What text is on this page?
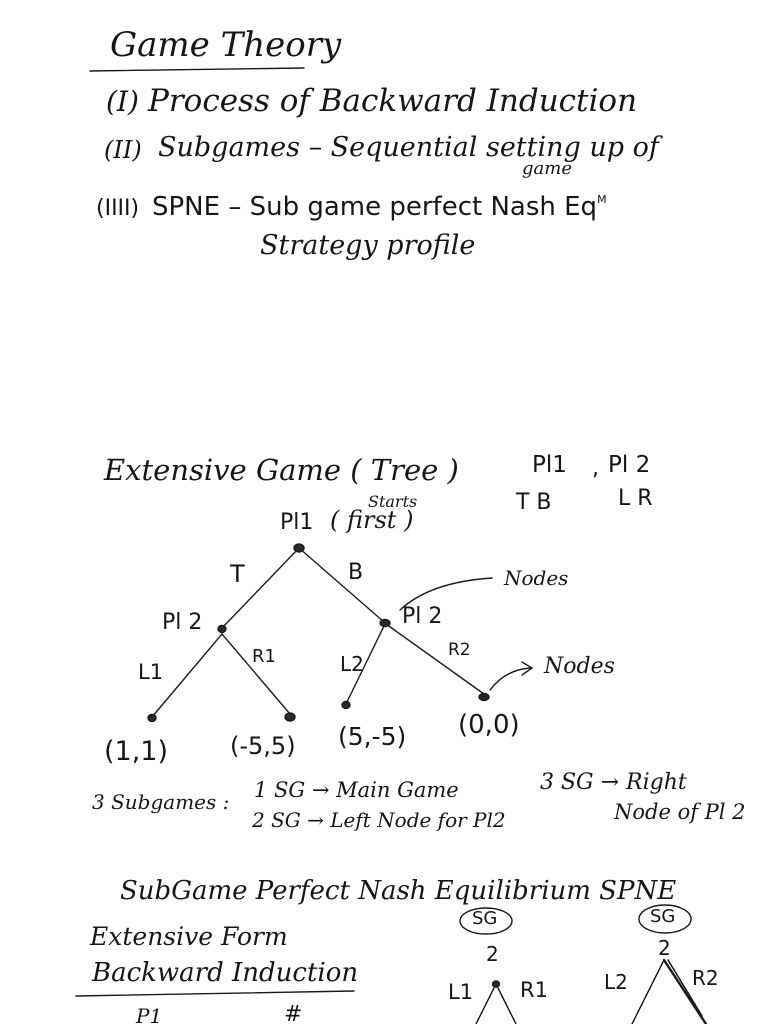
Game Theory
(I) Process of Backward Induction
(II) Subgames – Sequential setting up of
game
(IIII) SPNE – Sub game perfect Nash $Eq^M$
Strategy profile
Extensive Game ( Tree )	Pl1 , Pl 2
T B	L R
Starts
Pl1 ( first )
T	B	Nodes
Pl 2	Pl 2
L1
R1	L2
R2
Nodes
(1,1)	(-5,5) (5,-5) (0,0)
3 Subgames : 1 SG → Main Game
2 SG → Left Node for Pl2
3 SG → Right
Node of Pl 2
SubGame Perfect Nash Equilibrium SPNE
Extensive Form
Backward Induction
SG	SG
2	2
L1 R1	L2	R2
P1	#
